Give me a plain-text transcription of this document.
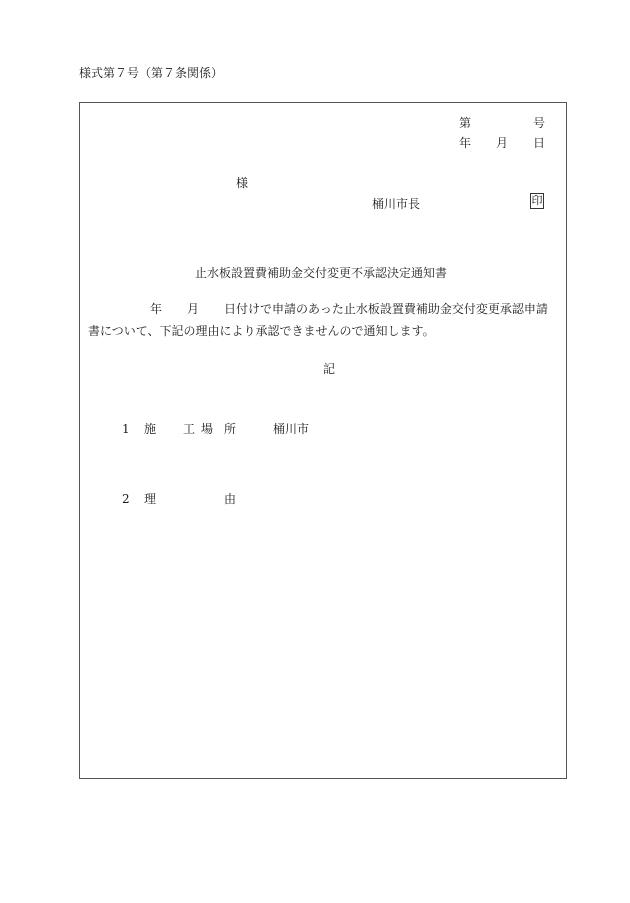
様式第７号（第７条関係）
第	号
年 月 日
様
桶川市長	印
止水板設置費補助金交付変更不承認決定通知書
年 月 日付けで申請のあった止水板設置費補助金交付変更承認申請
書について、下記の理由により承認できませんので通知します。
記
1 施 工 場 所	桶川市
2 理	由
